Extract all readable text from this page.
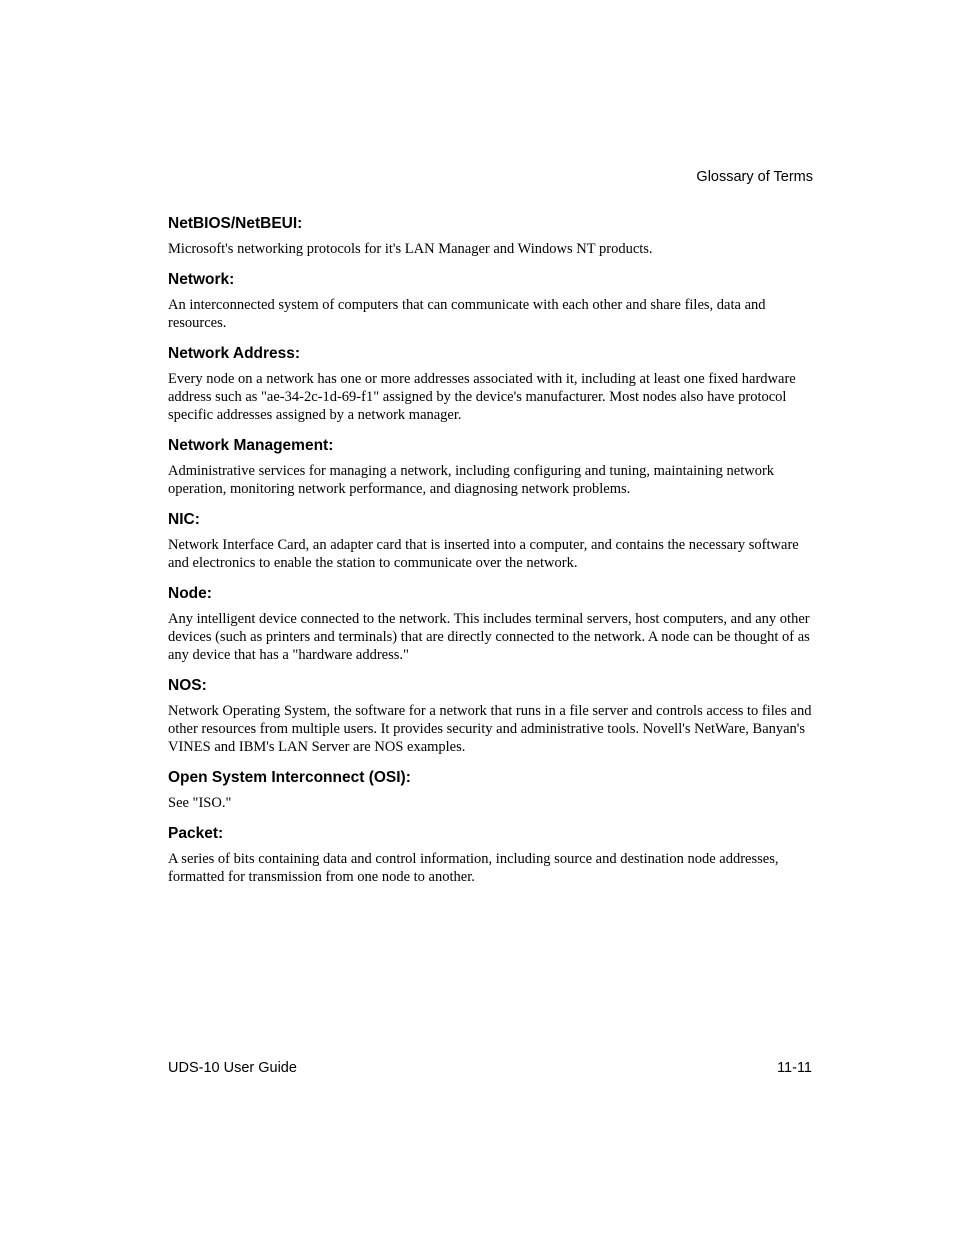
Glossary of Terms
NetBIOS/NetBEUI:

Microsoft's networking protocols for it's LAN Manager and Windows NT products.

Network:

An interconnected system of computers that can communicate with each other and share files, data and resources.

Network Address:

Every node on a network has one or more addresses associated with it, including at least one fixed hardware address such as "ae-34-2c-1d-69-f1" assigned by the device's manufacturer. Most nodes also have protocol specific addresses assigned by a network manager.

Network Management:

Administrative services for managing a network, including configuring and tuning, maintaining network operation, monitoring network performance, and diagnosing network problems.

NIC:

Network Interface Card, an adapter card that is inserted into a computer, and contains the necessary software and electronics to enable the station to communicate over the network.

Node:

Any intelligent device connected to the network. This includes terminal servers, host computers, and any other devices (such as printers and terminals) that are directly connected to the network. A node can be thought of as any device that has a "hardware address."

NOS:

Network Operating System, the software for a network that runs in a file server and controls access to files and other resources from multiple users. It provides security and administrative tools. Novell's NetWare, Banyan's VINES and IBM's LAN Server are NOS examples.

Open System Interconnect (OSI):

See "ISO."

Packet:

A series of bits containing data and control information, including source and destination node addresses, formatted for transmission from one node to another.

UDS-10 User Guide	11-11
